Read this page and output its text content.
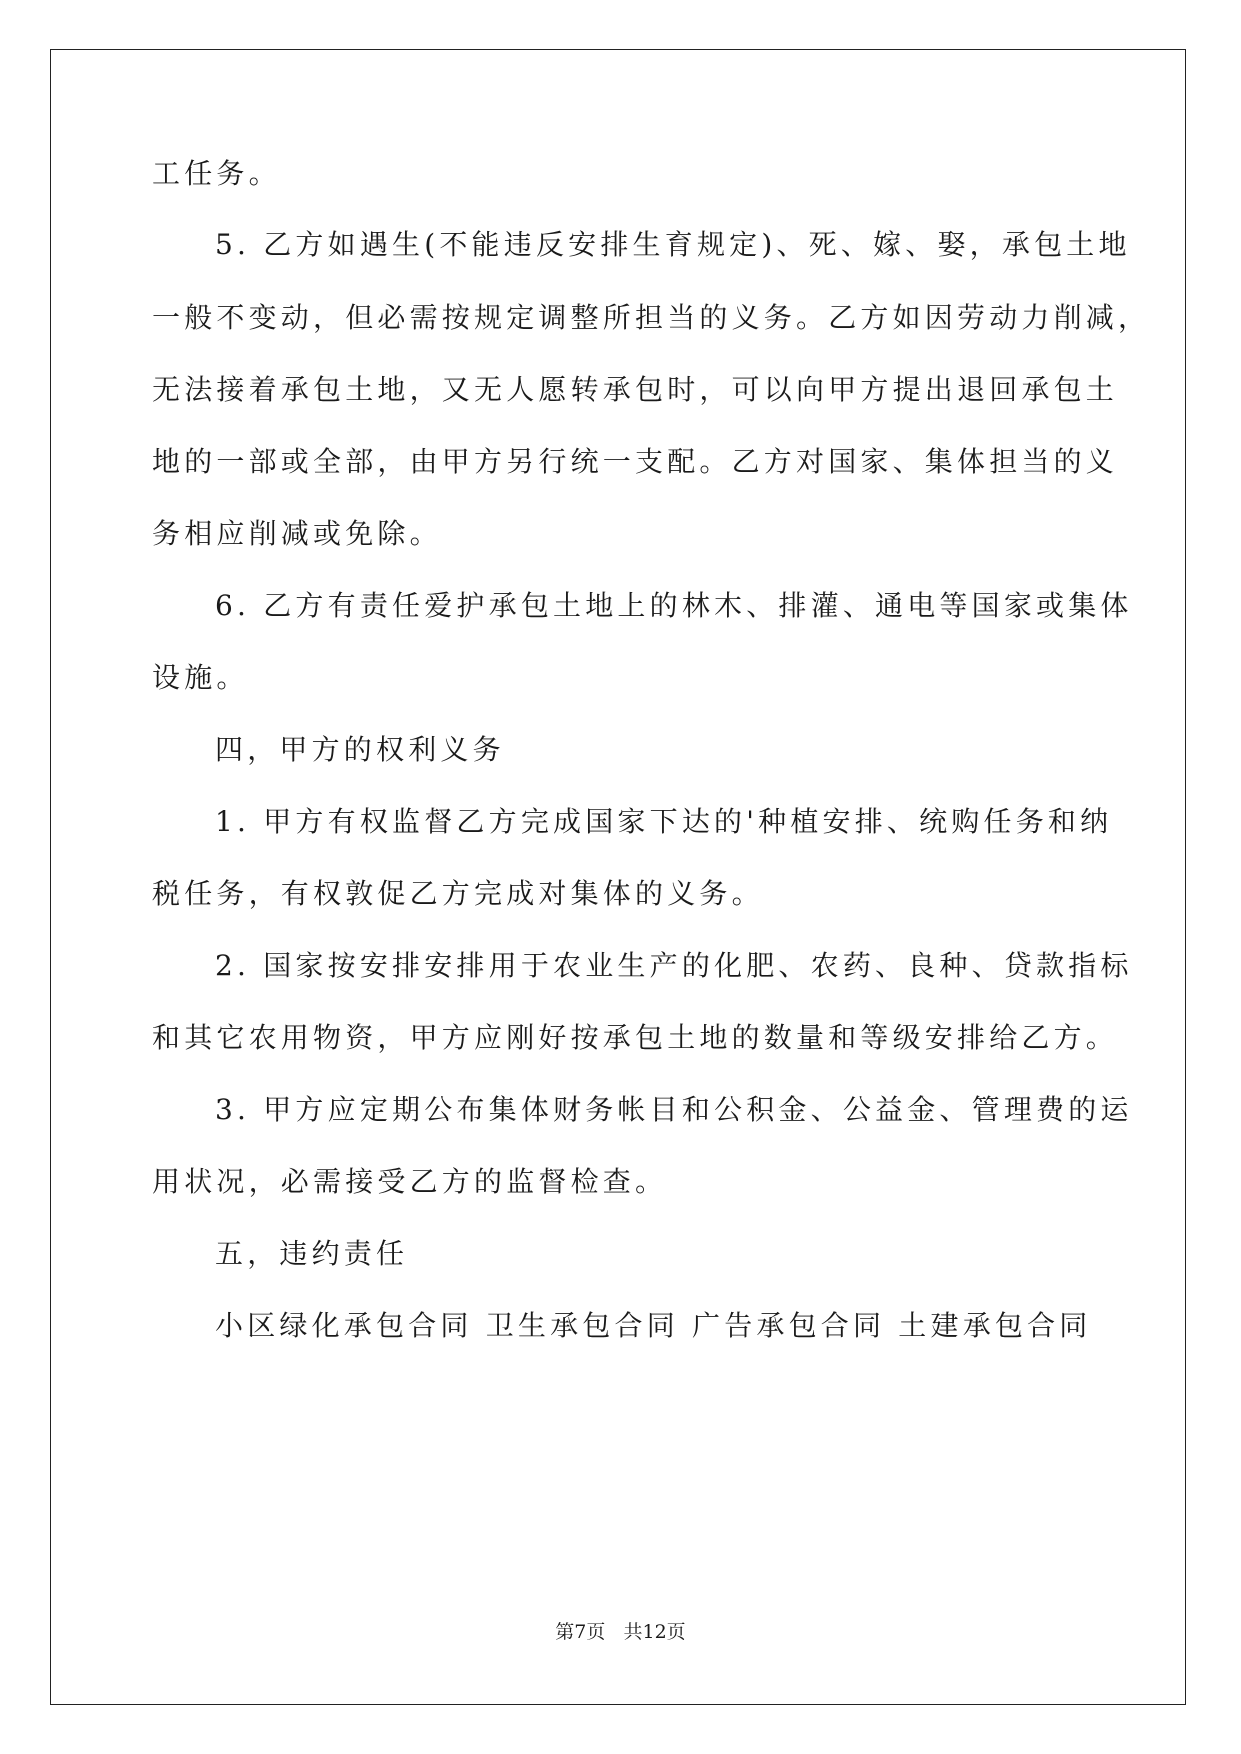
工任务。
5. 乙方如遇生(不能违反安排生育规定)、死、嫁、娶，承包土地
一般不变动，但必需按规定调整所担当的义务。乙方如因劳动力削减，
无法接着承包土地，又无人愿转承包时，可以向甲方提出退回承包土
地的一部或全部，由甲方另行统一支配。乙方对国家、集体担当的义
务相应削减或免除。
6. 乙方有责任爱护承包土地上的林木、排灌、通电等国家或集体
设施。
四，甲方的权利义务
1. 甲方有权监督乙方完成国家下达的'种植安排、统购任务和纳
税任务，有权敦促乙方完成对集体的义务。
2. 国家按安排安排用于农业生产的化肥、农药、良种、贷款指标
和其它农用物资，甲方应刚好按承包土地的数量和等级安排给乙方。
3. 甲方应定期公布集体财务帐目和公积金、公益金、管理费的运
用状况，必需接受乙方的监督检查。
五，违约责任
小区绿化承包合同 卫生承包合同 广告承包合同 土建承包合同
第7页   共12页
